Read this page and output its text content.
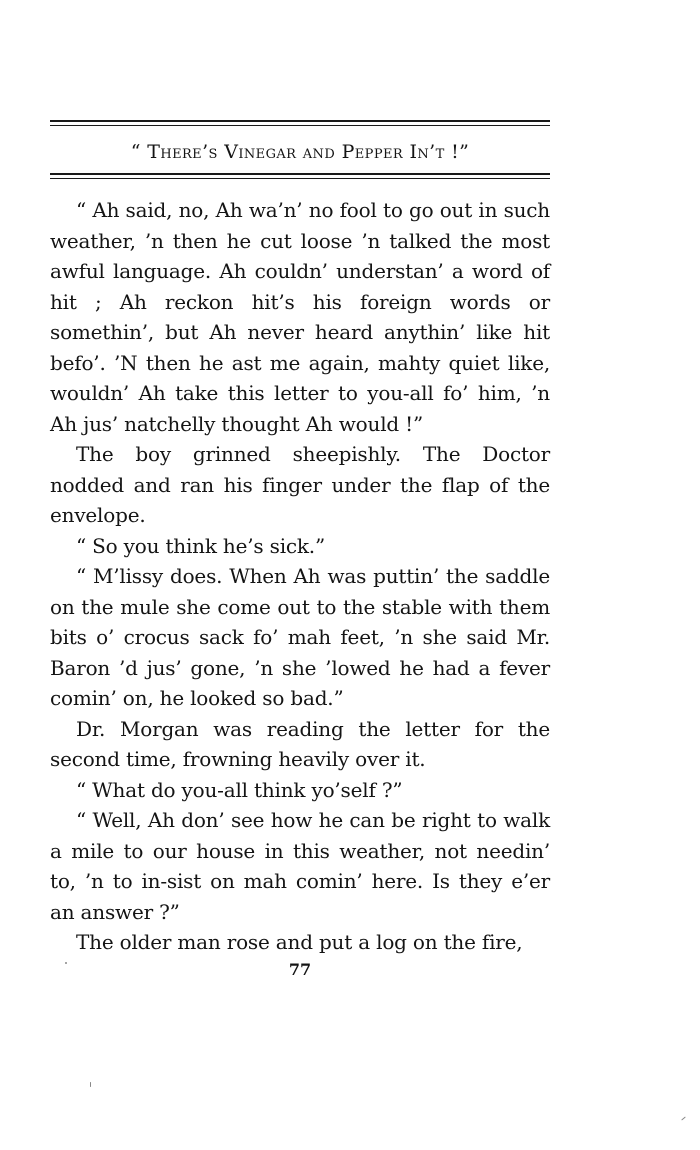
“ There’s Vinegar and Pepper In’t !”

“ Ah said, no, Ah wa’n’ no fool to go out in such weather, ’n then he cut loose ’n talked the most awful language. Ah couldn’ understan’ a word of hit ; Ah reckon hit’s his foreign words or somethin’, but Ah never heard anythin’ like hit befo’. ’N then he ast me again, mahty quiet like, wouldn’ Ah take this letter to you-all fo’ him, ’n Ah jus’ natchelly thought Ah would !”

The boy grinned sheepishly. The Doctor nodded and ran his finger under the flap of the envelope.

“ So you think he’s sick.”

“ M’lissy does. When Ah was puttin’ the saddle on the mule she come out to the stable with them bits o’ crocus sack fo’ mah feet, ’n she said Mr. Baron ’d jus’ gone, ’n she ’lowed he had a fever comin’ on, he looked so bad.”

Dr. Morgan was reading the letter for the second time, frowning heavily over it.

“ What do you-all think yo’self ?”

“ Well, Ah don’ see how he can be right to walk a mile to our house in this weather, not needin’ to, ’n to in-sist on mah comin’ here. Is they e’er an answer ?”

The older man rose and put a log on the fire,

77
